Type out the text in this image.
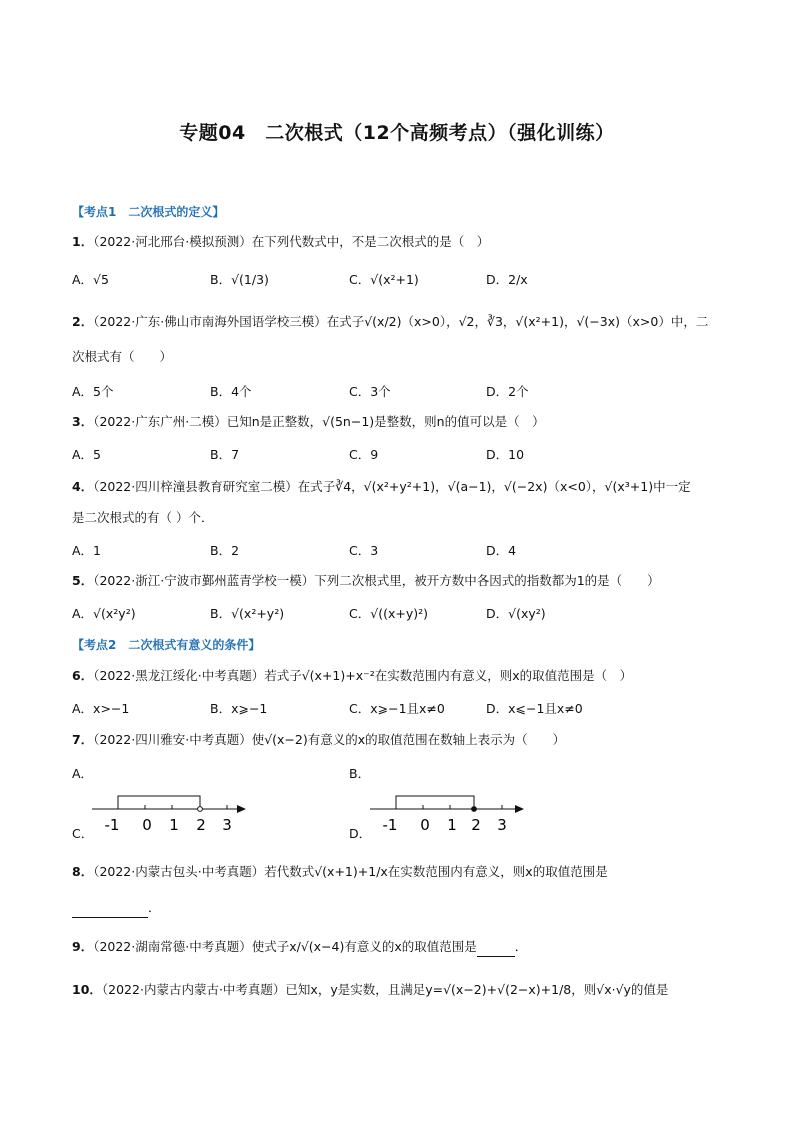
专题04　二次根式（12个高频考点）（强化训练）
【考点1　二次根式的定义】
1．（2022·河北邢台·模拟预测）在下列代数式中，不是二次根式的是（　）
A．√5	B．√(1/3)	C．√(x²+1)	D．2/x
2．（2022·广东·佛山市南海外国语学校三模）在式子√(x/2)（x>0），√2，∛3，√(x²+1)，√(−3x)（x>0）中，二
次根式有（　　）
A．5个	B．4个	C．3个	D．2个
3．（2022·广东广州·二模）已知n是正整数，√(5n−1)是整数，则n的值可以是（　）
A．5	B．7	C．9	D．10
4．（2022·四川梓潼县教育研究室二模）在式子∛4，√(x²+y²+1)，√(a−1)，√(−2x)（x<0），√(x³+1)中一定
是二次根式的有（ ）个．
A．1	B．2	C．3	D．4
5．（2022·浙江·宁波市鄞州蓝青学校一模）下列二次根式里，被开方数中各因式的指数都为1的是（　　）
A．√(x²y²)	B．√(x²+y²)	C．√((x+y)²)	D．√(xy²)
【考点2　二次根式有意义的条件】
6．（2022·黑龙江绥化·中考真题）若式子√(x+1)+x⁻²在实数范围内有意义，则x的取值范围是（　）
A．x>−1	B．x⩾−1	C．x⩾−1且x≠0	D．x⩽−1且x≠0
7．（2022·四川雅安·中考真题）使√(x−2)有意义的x的取值范围在数轴上表示为（　　）
A．	B．
C．	D．
-1 0 1 2 3	-1 0 1 2 3
8．（2022·内蒙古包头·中考真题）若代数式√(x+1)+1/x在实数范围内有意义，则x的取值范围是
．
9．（2022·湖南常德·中考真题）使式子x/√(x−4)有意义的x的取值范围是	．
10．（2022·内蒙古内蒙古·中考真题）已知x，y是实数，且满足y=√(x−2)+√(2−x)+1/8，则√x·√y的值是
